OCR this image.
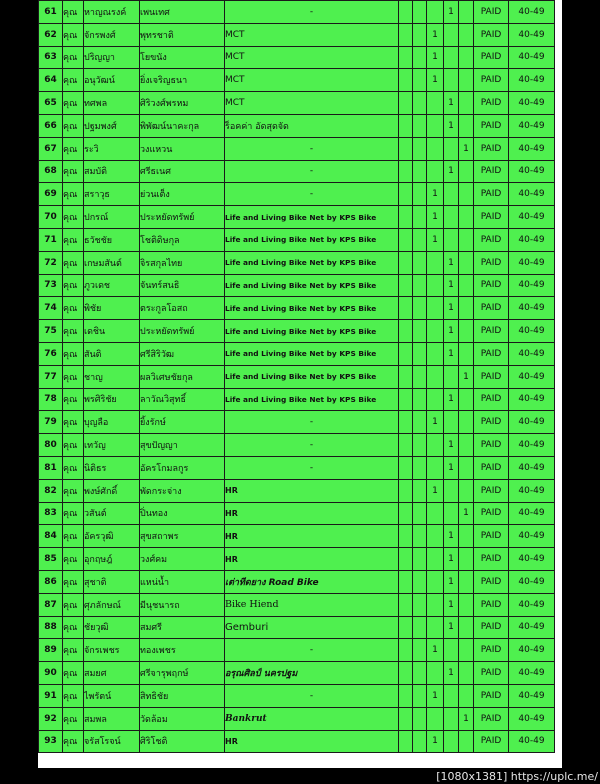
61	คุณ	หาญณรงค์	เพนเทศ	-				1		PAID	40-49
62	คุณ	จักรพงศ์	พุทรชาติ	MCT			1			PAID	40-49
63	คุณ	ปริญญา	โยขนัง	MCT			1			PAID	40-49
64	คุณ	อนุวัฒน์	ยิ่งเจริญธนา	MCT			1			PAID	40-49
65	คุณ	ทศพล	ศิริวงศ์พรหม	MCT				1		PAID	40-49
66	คุณ	ปฐมพงศ์	พิพัฒน์นาคะกุล	ร็อคค่า อัดสุดจัด				1		PAID	40-49
67	คุณ	ระวิ	วงแหวน	-					1	PAID	40-49
68	คุณ	สมบัติ	ศรีธเนศ	-				1		PAID	40-49
69	คุณ	สราวุธ	ย่วนเต็ง	-			1			PAID	40-49
70	คุณ	ปกรณ์	ประหยัดทรัพย์	Life and Living Bike Net by KPS Bike			1			PAID	40-49
71	คุณ	ธวัชชัย	โชติดิษกุล	Life and Living Bike Net by KPS Bike			1			PAID	40-49
72	คุณ	เกษมสันต์	จิรสกุลไทย	Life and Living Bike Net by KPS Bike				1		PAID	40-49
73	คุณ	ภูวเดช	จันทร์สนธิ	Life and Living Bike Net by KPS Bike				1		PAID	40-49
74	คุณ	พิชัย	ตระกูลโอสถ	Life and Living Bike Net by KPS Bike				1		PAID	40-49
75	คุณ	เดชิน	ประหยัดทรัพย์	Life and Living Bike Net by KPS Bike				1		PAID	40-49
76	คุณ	สันติ	ศรีสิริวัฒ	Life and Living Bike Net by KPS Bike				1		PAID	40-49
77	คุณ	ชาญ	ผลวิเศษชัยกุล	Life and Living Bike Net by KPS Bike					1	PAID	40-49
78	คุณ	พรศิริชัย	ลาวัณวิสุทธิ์	Life and Living Bike Net by KPS Bike				1		PAID	40-49
79	คุณ	บุญลือ	ยิ้งรักษ์	-			1			PAID	40-49
80	คุณ	เทวัญ	สุขปัญญา	-				1		PAID	40-49
81	คุณ	นิติธร	อัครโกมลกูร	-				1		PAID	40-49
82	คุณ	พงษ์ศักดิ์	พัดกระจ่าง	HR			1			PAID	40-49
83	คุณ	วสันต์	ปิ่นทอง	HR					1	PAID	40-49
84	คุณ	อัครวุฒิ	สุขสถาพร	HR				1		PAID	40-49
85	คุณ	อุกฤษฎ์	วงศ์คม	HR				1		PAID	40-49
86	คุณ	สุชาติ	แหน่น้ำ	เต่าทีดยาง Road Bike				1		PAID	40-49
87	คุณ	ศุภลักษณ์	มีนุชนารถ	Bike Hiend				1		PAID	40-49
88	คุณ	ชัยวุฒิ	สมศรี	Gemburi				1		PAID	40-49
89	คุณ	จักรเพชร	ทองเพชร	-			1			PAID	40-49
90	คุณ	สมยศ	ศรีจารุพฤกษ์	อรุณศิลป์ นครปฐม				1		PAID	40-49
91	คุณ	ไพรัตน์	สิทธิชัย	-			1			PAID	40-49
92	คุณ	สมพล	วัดล้อม	Bankrut					1	PAID	40-49
93	คุณ	จรัสโรจน์	ศิริโชติ	HR			1			PAID	40-49
[1080x1381] https://uplc.me/
